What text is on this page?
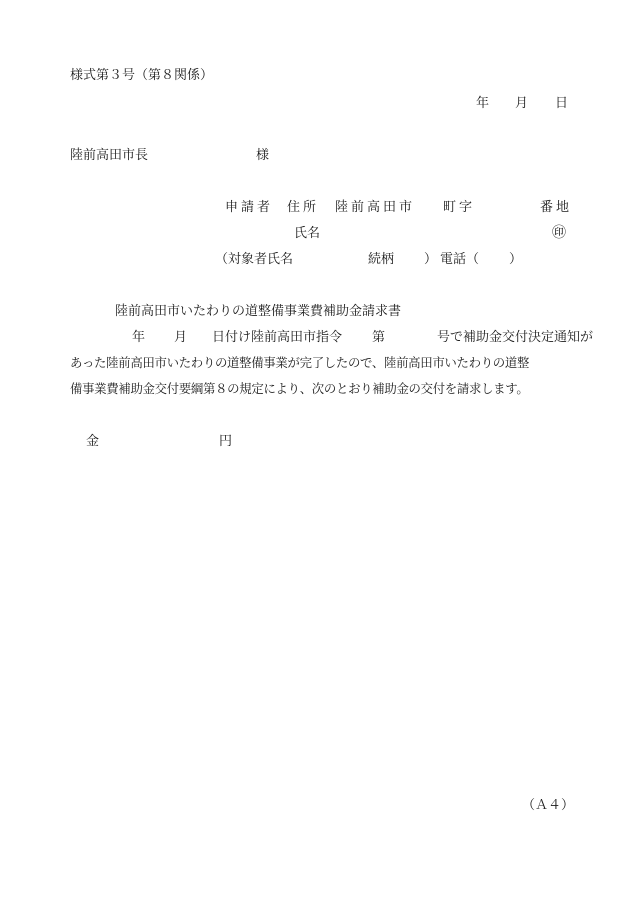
様式第３号（第８関係）
年 月 日
陸前高田市長	様
申請者 住所 陸前高田市 町字	番地
氏名	㊞
（対象者氏名	続柄 ） 電話（ ）
陸前高田市いたわりの道整備事業費補助金請求書
年 月 日付け陸前高田市指令 第	号で補助金交付決定通知が
あった陸前高田市いたわりの道整備事業が完了したので、陸前高田市いたわりの道整
備事業費補助金交付要綱第８の規定により、次のとおり補助金の交付を請求します。
金	円
（Ａ４）
